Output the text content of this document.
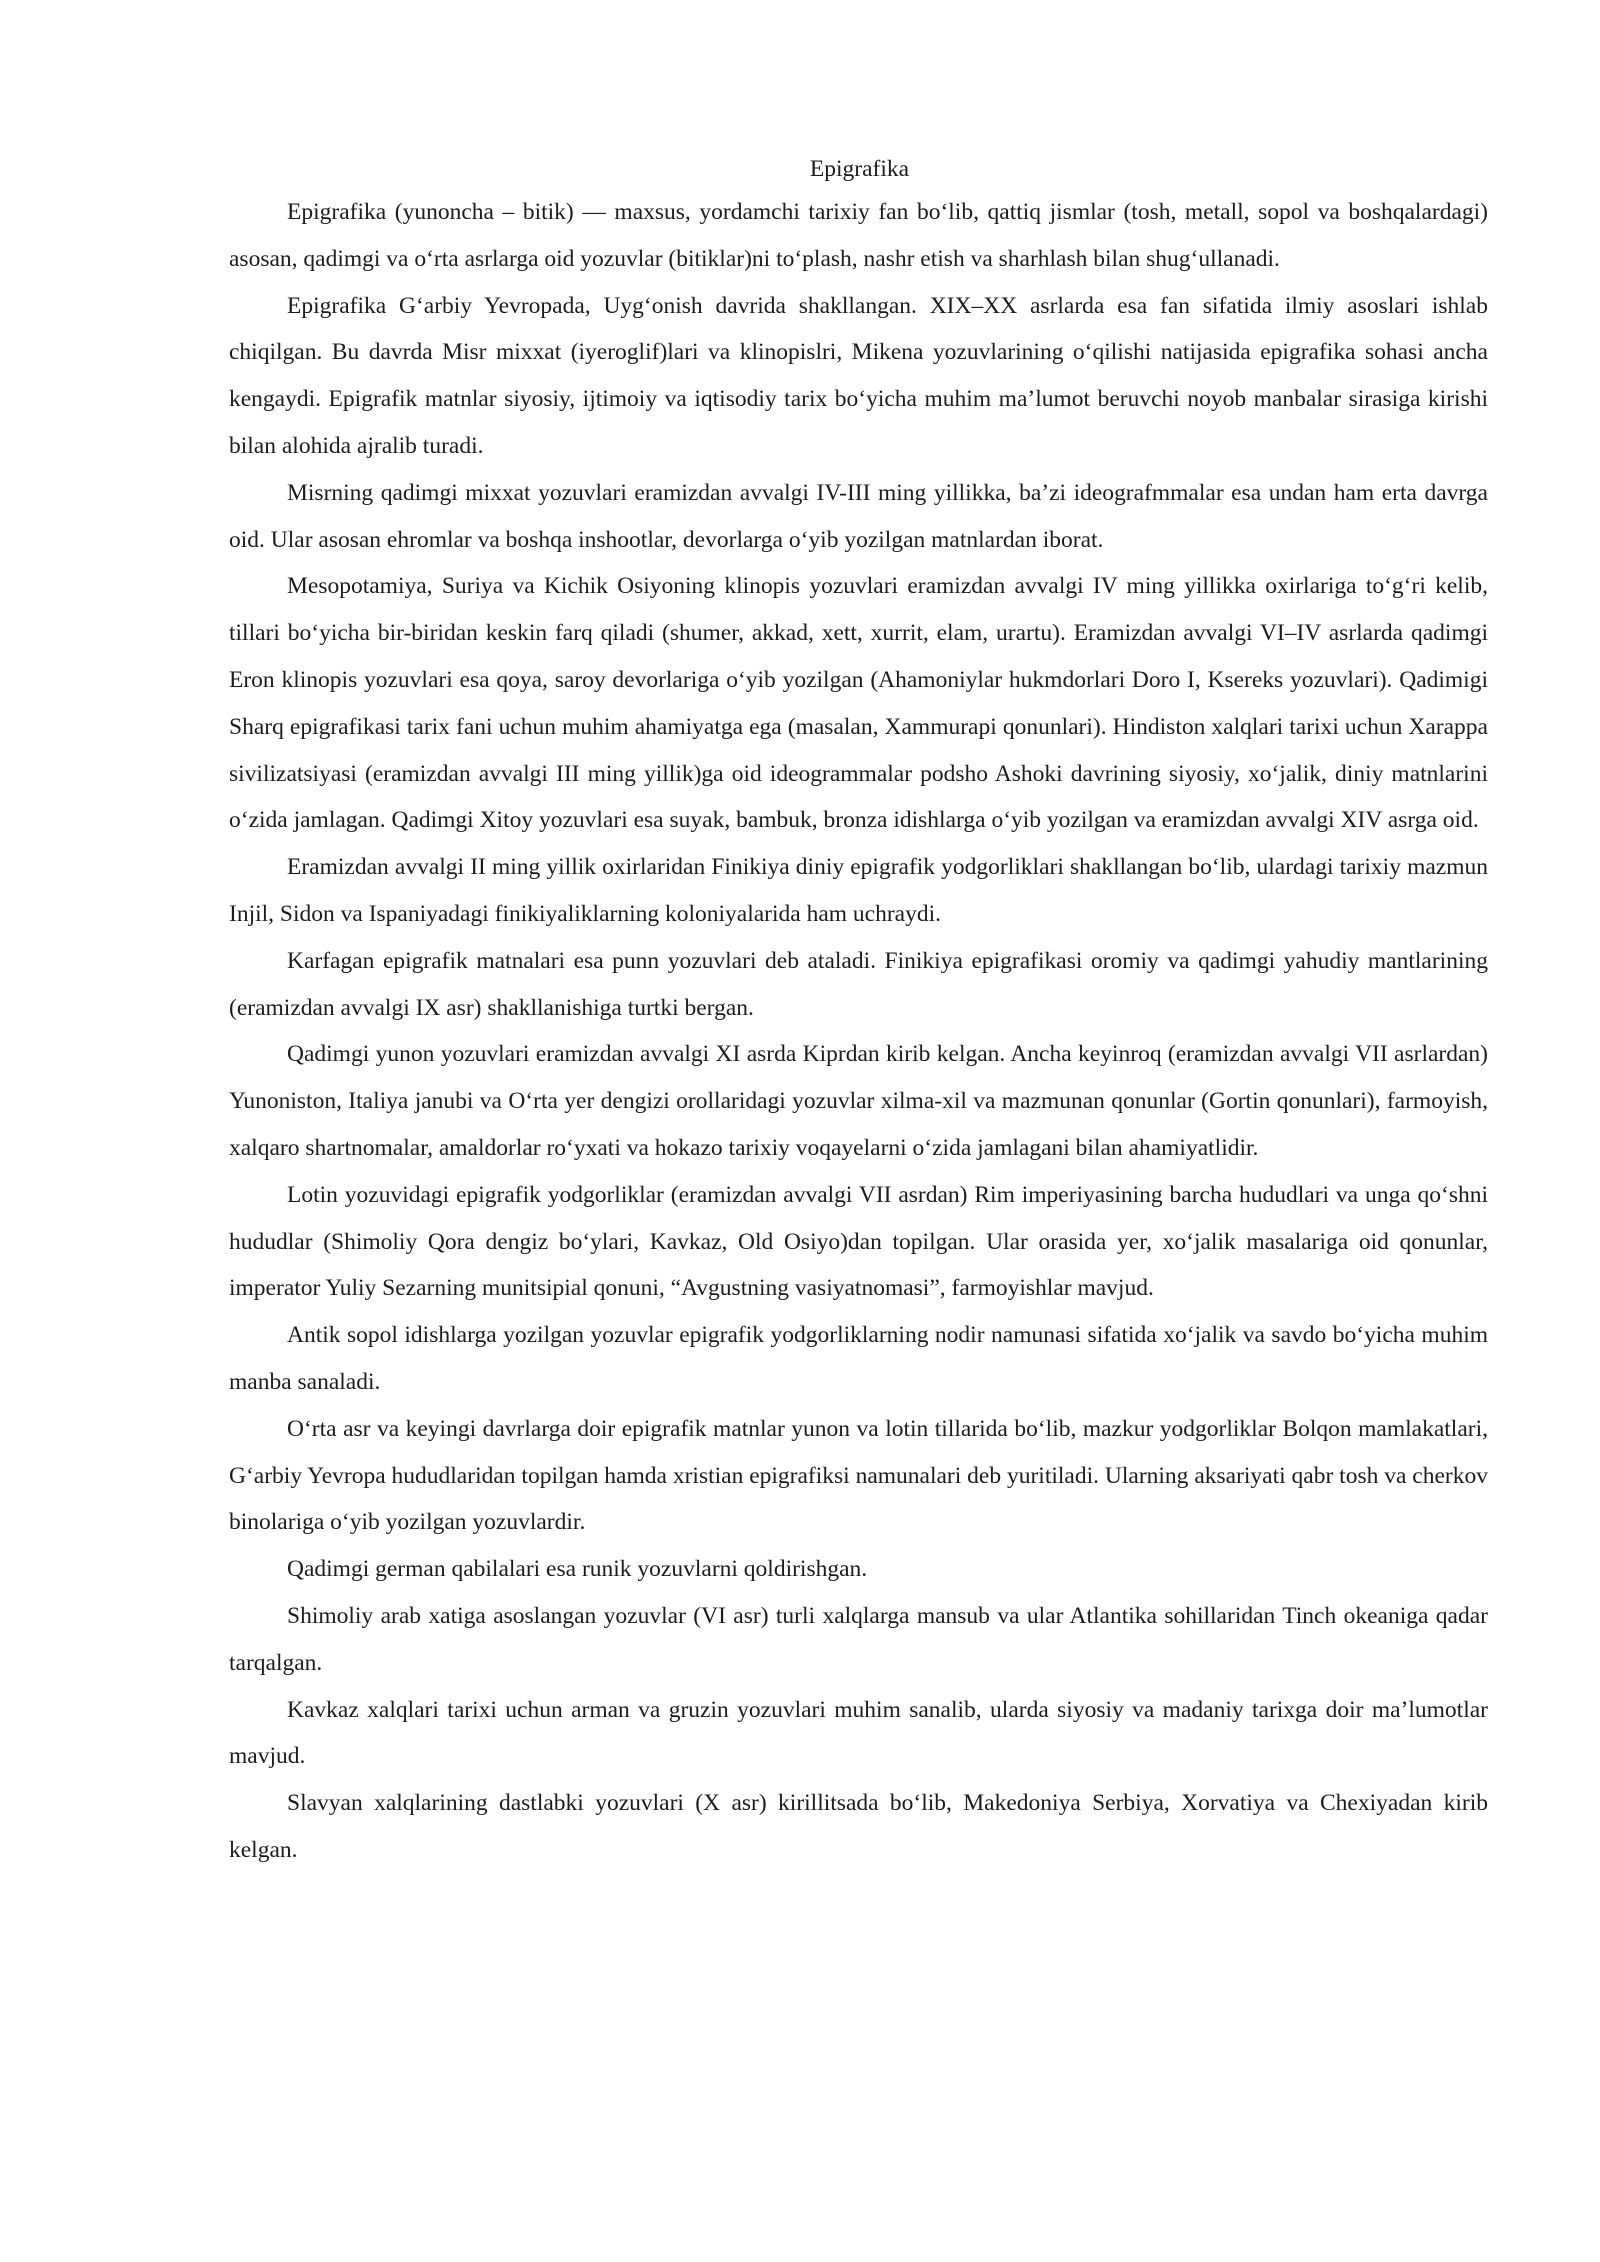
Epigrafika

Epigrafika (yunoncha – bitik) — maxsus, yordamchi tarixiy fan boʻlib, qattiq jismlar (tosh, metall, sopol va boshqalardagi) asosan, qadimgi va oʻrta asrlarga oid yozuvlar (bitiklar)ni toʻplash, nashr etish va sharhlash bilan shugʻullanadi.

Epigrafika Gʻarbiy Yevropada, Uygʻonish davrida shakllangan. XIX–XX asrlarda esa fan sifatida ilmiy asoslari ishlab chiqilgan. Bu davrda Misr mixxat (iyeroglif)lari va klinopislri, Mikena yozuvlarining oʻqilishi natijasida epigrafika sohasi ancha kengaydi. Epigrafik matnlar siyosiy, ijtimoiy va iqtisodiy tarix boʻyicha muhim maʼlumot beruvchi noyob manbalar sirasiga kirishi bilan alohida ajralib turadi.

Misrning qadimgi mixxat yozuvlari eramizdan avvalgi IV-III ming yillikka, baʼzi ideografmmalar esa undan ham erta davrga oid. Ular asosan ehromlar va boshqa inshootlar, devorlarga oʻyib yozilgan matnlardan iborat.

Mesopotamiya, Suriya va Kichik Osiyoning klinopis yozuvlari eramizdan avvalgi IV ming yillikka oxirlariga toʻgʻri kelib, tillari boʻyicha bir-biridan keskin farq qiladi (shumer, akkad, xett, xurrit, elam, urartu). Eramizdan avvalgi VI–IV asrlarda qadimgi Eron klinopis yozuvlari esa qoya, saroy devorlariga oʻyib yozilgan (Ahamoniylar hukmdorlari Doro I, Ksereks yozuvlari). Qadimigi Sharq epigrafikasi tarix fani uchun muhim ahamiyatga ega (masalan, Xammurapi qonunlari). Hindiston xalqlari tarixi uchun Xarappa sivilizatsiyasi (eramizdan avvalgi III ming yillik)ga oid ideogrammalar podsho Ashoki davrining siyosiy, xoʻjalik, diniy matnlarini oʻzida jamlagan. Qadimgi Xitoy yozuvlari esa suyak, bambuk, bronza idishlarga oʻyib yozilgan va eramizdan avvalgi XIV asrga oid.

Eramizdan avvalgi II ming yillik oxirlaridan Finikiya diniy epigrafik yodgorliklari shakllangan boʻlib, ulardagi tarixiy mazmun Injil, Sidon va Ispaniyadagi finikiyaliklarning koloniyalarida ham uchraydi.

Karfagan epigrafik matnalari esa punn yozuvlari deb ataladi. Finikiya epigrafikasi oromiy va qadimgi yahudiy mantlarining (eramizdan avvalgi IX asr) shakllanishiga turtki bergan.

Qadimgi yunon yozuvlari eramizdan avvalgi XI asrda Kiprdan kirib kelgan. Ancha keyinroq (eramizdan avvalgi VII asrlardan) Yunoniston, Italiya janubi va Oʻrta yer dengizi orollaridagi yozuvlar xilma-xil va mazmunan qonunlar (Gortin qonunlari), farmoyish, xalqaro shartnomalar, amaldorlar roʻyxati va hokazo tarixiy voqayelarni oʻzida jamlagani bilan ahamiyatlidir.

Lotin yozuvidagi epigrafik yodgorliklar (eramizdan avvalgi VII asrdan) Rim imperiyasining barcha hududlari va unga qoʻshni hududlar (Shimoliy Qora dengiz boʻylari, Kavkaz, Old Osiyo)dan topilgan. Ular orasida yer, xoʻjalik masalariga oid qonunlar, imperator Yuliy Sezarning munitsipial qonuni, “Avgustning vasiyatnomasi”, farmoyishlar mavjud.

Antik sopol idishlarga yozilgan yozuvlar epigrafik yodgorliklarning nodir namunasi sifatida xoʻjalik va savdo boʻyicha muhim manba sanaladi.

Oʻrta asr va keyingi davrlarga doir epigrafik matnlar yunon va lotin tillarida boʻlib, mazkur yodgorliklar Bolqon mamlakatlari, Gʻarbiy Yevropa hududlaridan topilgan hamda xristian epigrafiksi namunalari deb yuritiladi. Ularning aksariyati qabr tosh va cherkov binolariga oʻyib yozilgan yozuvlardir.

Qadimgi german qabilalari esa runik yozuvlarni qoldirishgan.

Shimoliy arab xatiga asoslangan yozuvlar (VI asr) turli xalqlarga mansub va ular Atlantika sohillaridan Tinch okeaniga qadar tarqalgan.

Kavkaz xalqlari tarixi uchun arman va gruzin yozuvlari muhim sanalib, ularda siyosiy va madaniy tarixga doir maʼlumotlar mavjud.

Slavyan xalqlarining dastlabki yozuvlari (X asr) kirillitsada boʻlib, Makedoniya Serbiya, Xorvatiya va Chexiyadan kirib kelgan.
